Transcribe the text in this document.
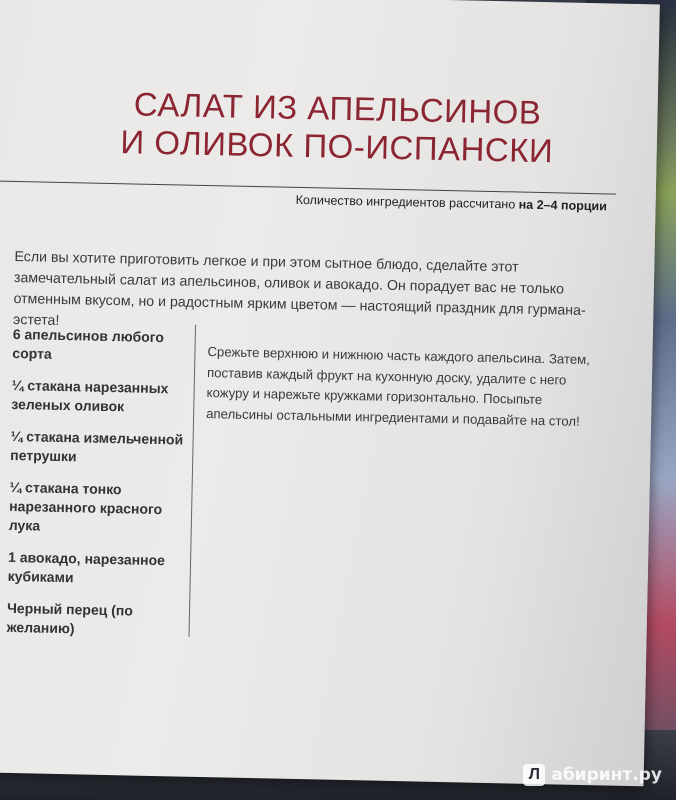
САЛАТ ИЗ АПЕЛЬСИНОВ
И ОЛИВОК ПО-ИСПАНСКИ
Количество ингредиентов рассчитано на 2–4 порции

Если вы хотите приготовить легкое и при этом сытное блюдо, сделайте этот замечательный салат из апельсинов, оливок и авокадо. Он порадует вас не только отменным вкусом, но и радостным ярким цветом — настоящий праздник для гурмана-эстета!

6 апельсинов любого сорта
¼ стакана нарезанных зеленых оливок
¼ стакана измельченной петрушки
¼ стакана тонко нарезанного красного лука
1 авокадо, нарезанное кубиками
Черный перец (по желанию)

Срежьте верхнюю и нижнюю часть каждого апельсина. Затем, поставив каждый фрукт на кухонную доску, удалите с него кожуру и нарежьте кружками горизонтально. Посыпьте апельсины остальными ингредиентами и подавайте на стол!

Л абиринт.ру
